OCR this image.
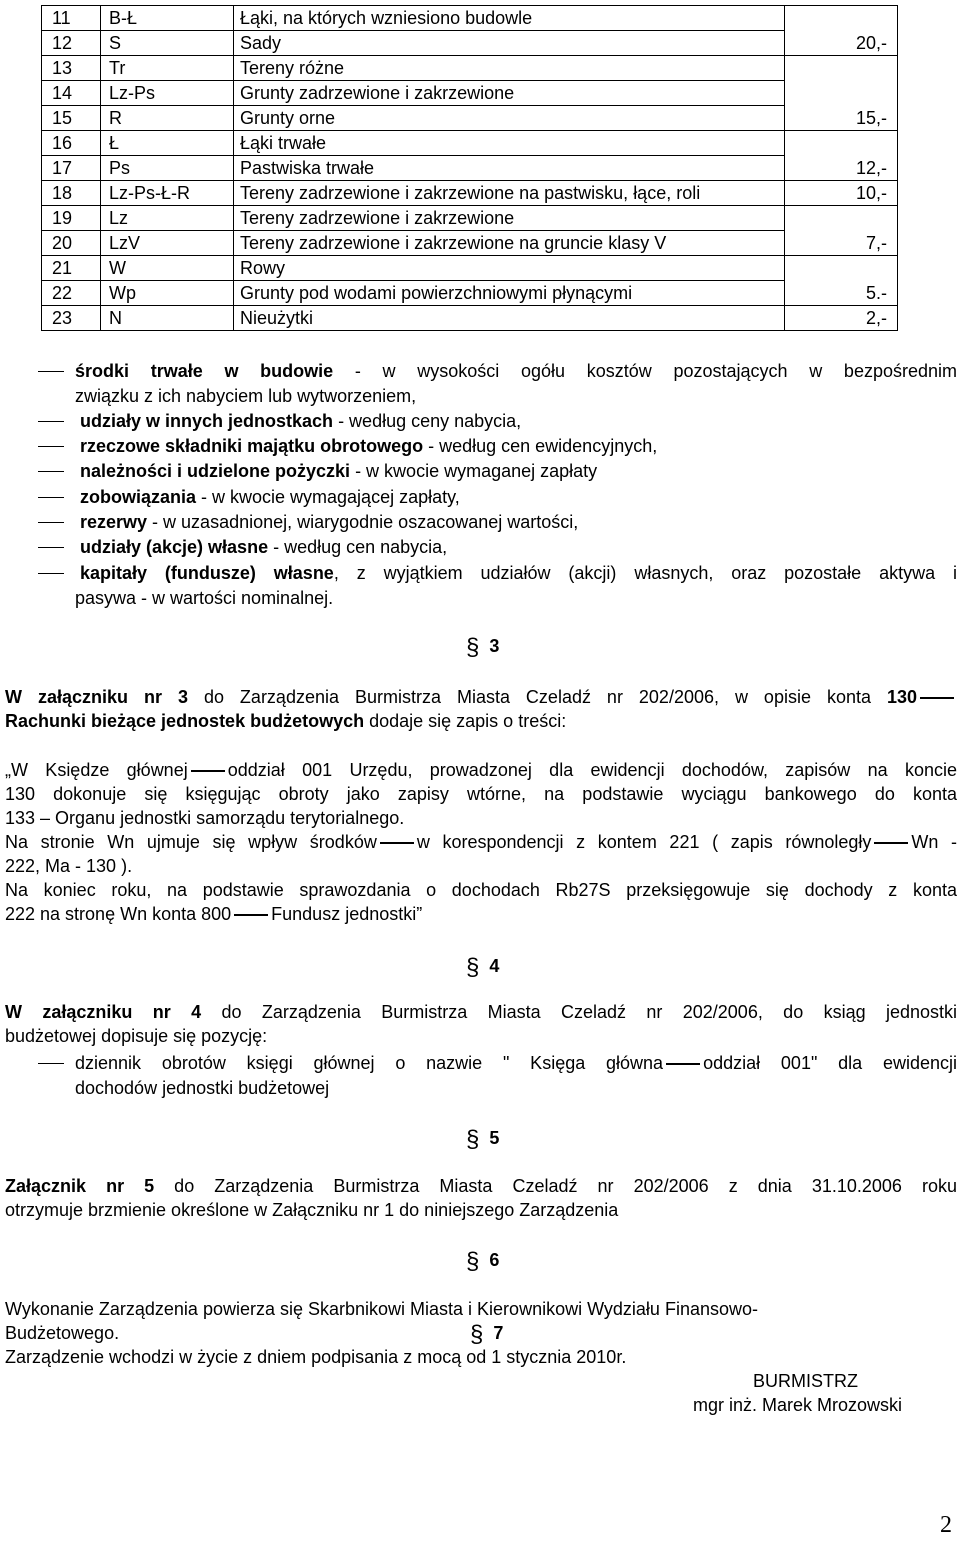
11	B-Ł	Łąki, na których wzniesiono budowle	
12	S	Sady	20,-
13	Tr	Tereny różne	
14	Lz-Ps	Grunty zadrzewione i zakrzewione	
15	R	Grunty orne	15,-
16	Ł	Łąki trwałe	
17	Ps	Pastwiska trwałe	12,-
18	Lz-Ps-Ł-R	Tereny zadrzewione i zakrzewione na pastwisku, łące, roli	10,-
19	Lz	Tereny zadrzewione i zakrzewione	
20	LzV	Tereny zadrzewione i zakrzewione na gruncie klasy V	7,-
21	W	Rowy	
22	Wp	Grunty pod wodami powierzchniowymi płynącymi	5.-
23	N	Nieużytki	2,-
środki trwałe w budowie - w wysokości ogółu kosztów pozostających w bezpośrednim
związku z ich nabyciem lub wytworzeniem,
udziały w innych jednostkach - według ceny nabycia,
rzeczowe składniki majątku obrotowego - według cen ewidencyjnych,
należności i udzielone pożyczki - w kwocie wymaganej zapłaty
zobowiązania - w kwocie wymagającej zapłaty,
rezerwy - w uzasadnionej, wiarygodnie oszacowanej wartości,
udziały (akcje) własne - według cen nabycia,
kapitały (fundusze) własne, z wyjątkiem udziałów (akcji) własnych, oraz pozostałe aktywa i
pasywa - w wartości nominalnej.
§ 3
W załączniku nr 3 do Zarządzenia Burmistrza Miasta Czeladź nr 202/2006, w opisie konta 130
Rachunki bieżące jednostek budżetowych dodaje się zapis o treści:
„W Księdze głównej oddział 001 Urzędu, prowadzonej dla ewidencji dochodów, zapisów na koncie
130 dokonuje się księgując obroty jako zapisy wtórne, na podstawie wyciągu bankowego do konta
133 – Organu jednostki samorządu terytorialnego.
Na stronie Wn ujmuje się wpływ środków w korespondencji z kontem 221 ( zapis równoległy Wn -
222, Ma - 130 ).
Na koniec roku, na podstawie sprawozdania o dochodach Rb27S przeksięgowuje się dochody z konta
222 na stronę Wn konta 800 Fundusz jednostki”
§ 4
W załączniku nr 4 do Zarządzenia Burmistrza Miasta Czeladź nr 202/2006, do ksiąg jednostki
budżetowej dopisuje się pozycję:
dziennik obrotów księgi głównej o nazwie " Księga główna oddział 001" dla ewidencji
dochodów jednostki budżetowej
§ 5
Załącznik nr 5 do Zarządzenia Burmistrza Miasta Czeladź nr 202/2006 z dnia 31.10.2006 roku
otrzymuje brzmienie określone w Załączniku nr 1 do niniejszego Zarządzenia
§ 6
Wykonanie Zarządzenia powierza się Skarbnikowi Miasta i Kierownikowi Wydziału Finansowo-
Budżetowego.	§ 7
Zarządzenie wchodzi w życie z dniem podpisania z mocą od 1 stycznia 2010r.
BURMISTRZ
mgr inż. Marek Mrozowski
2
